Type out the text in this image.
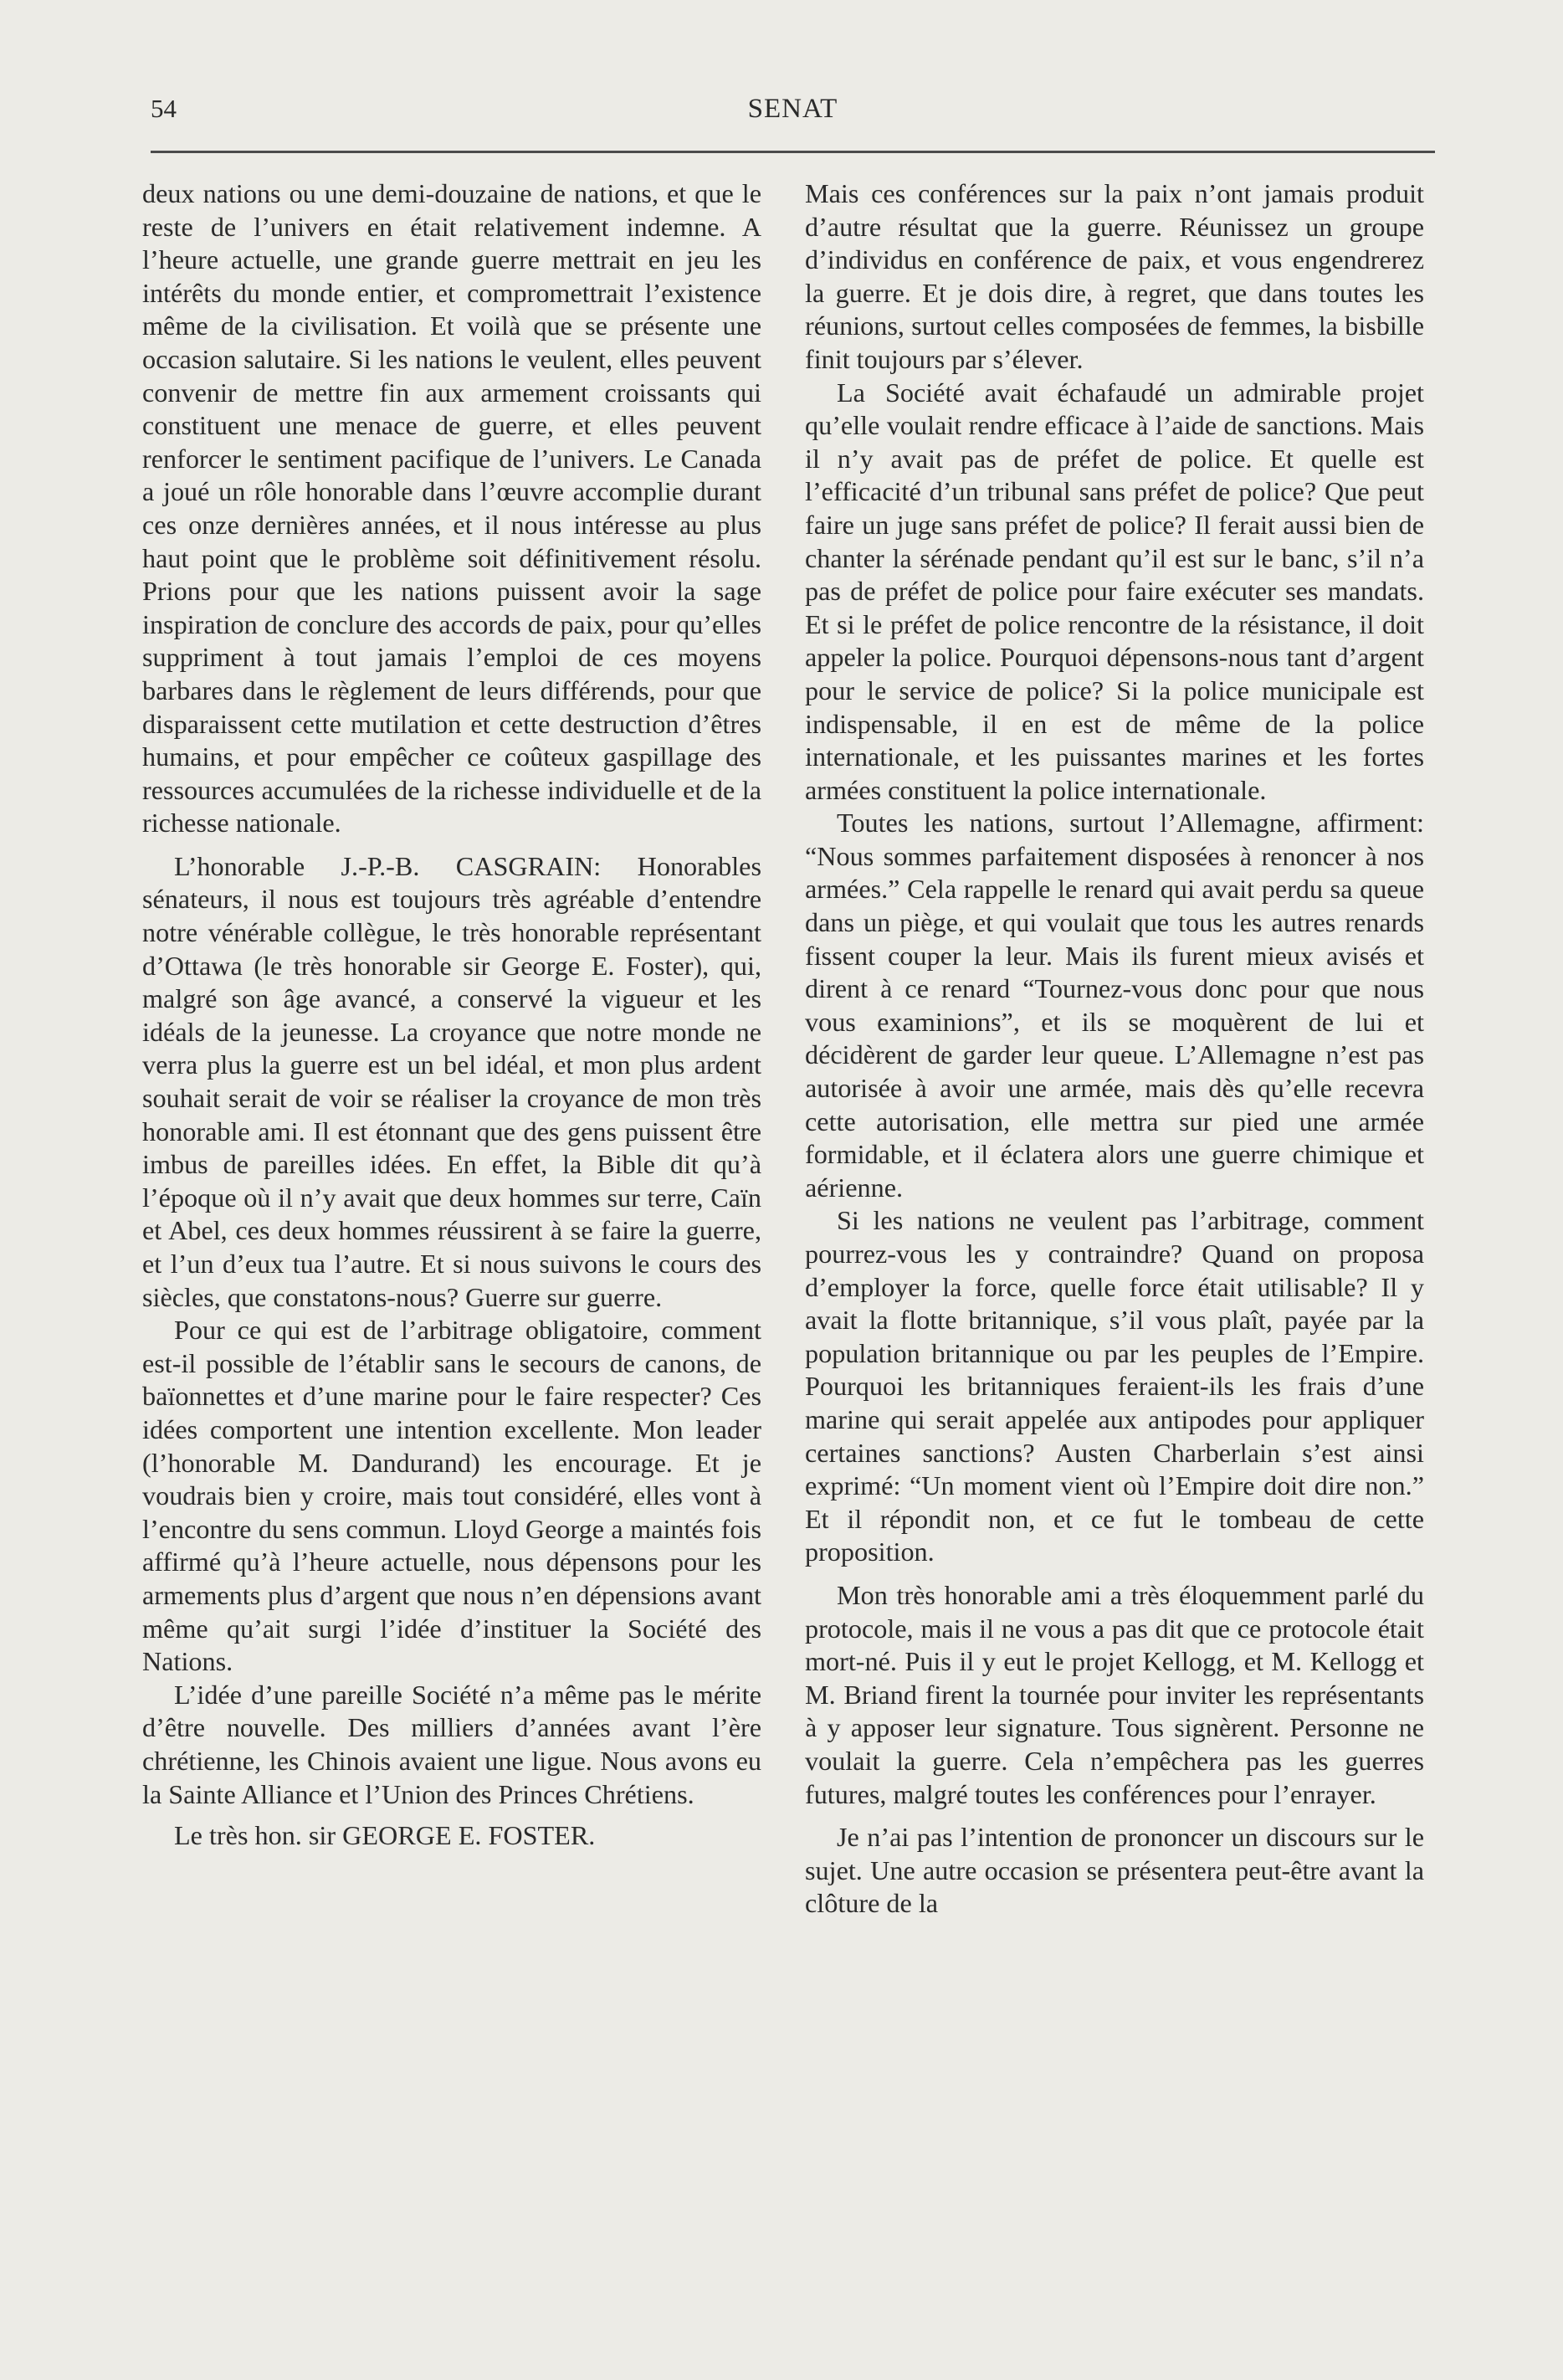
54	SENAT

deux nations ou une demi-douzaine de nations, et que le reste de l’univers en était relativement indemne. A l’heure actuelle, une grande guerre mettrait en jeu les intérêts du monde entier, et compromettrait l’existence même de la civilisation. Et voilà que se présente une occasion salutaire. Si les nations le veulent, elles peuvent convenir de mettre fin aux armement croissants qui constituent une menace de guerre, et elles peuvent renforcer le sentiment pacifique de l’univers. Le Canada a joué un rôle honorable dans l’œuvre accomplie durant ces onze dernières années, et il nous intéresse au plus haut point que le problème soit définitivement résolu. Prions pour que les nations puissent avoir la sage inspiration de conclure des accords de paix, pour qu’elles suppriment à tout jamais l’emploi de ces moyens barbares dans le règlement de leurs différends, pour que disparaissent cette mutilation et cette destruction d’êtres humains, et pour empêcher ce coûteux gaspillage des ressources accumulées de la richesse individuelle et de la richesse nationale.

L’honorable J.-P.-B. CASGRAIN: Honorables sénateurs, il nous est toujours très agréable d’entendre notre vénérable collègue, le très honorable représentant d’Ottawa (le très honorable sir George E. Foster), qui, malgré son âge avancé, a conservé la vigueur et les idéals de la jeunesse. La croyance que notre monde ne verra plus la guerre est un bel idéal, et mon plus ardent souhait serait de voir se réaliser la croyance de mon très honorable ami. Il est étonnant que des gens puissent être imbus de pareilles idées. En effet, la Bible dit qu’à l’époque où il n’y avait que deux hommes sur terre, Caïn et Abel, ces deux hommes réussirent à se faire la guerre, et l’un d’eux tua l’autre. Et si nous suivons le cours des siècles, que constatons-nous? Guerre sur guerre.

Pour ce qui est de l’arbitrage obligatoire, comment est-il possible de l’établir sans le secours de canons, de baïonnettes et d’une marine pour le faire respecter? Ces idées comportent une intention excellente. Mon leader (l’honorable M. Dandurand) les encourage. Et je voudrais bien y croire, mais tout considéré, elles vont à l’encontre du sens commun. Lloyd George a maintés fois affirmé qu’à l’heure actuelle, nous dépensons pour les armements plus d’argent que nous n’en dépensions avant même qu’ait surgi l’idée d’instituer la Société des Nations.

L’idée d’une pareille Société n’a même pas le mérite d’être nouvelle. Des milliers d’années avant l’ère chrétienne, les Chinois avaient une ligue. Nous avons eu la Sainte Alliance et l’Union des Princes Chrétiens.

Le très hon. sir GEORGE E. FOSTER.

Mais ces conférences sur la paix n’ont jamais produit d’autre résultat que la guerre. Réunissez un groupe d’individus en conférence de paix, et vous engendrerez la guerre. Et je dois dire, à regret, que dans toutes les réunions, surtout celles composées de femmes, la bisbille finit toujours par s’élever.

La Société avait échafaudé un admirable projet qu’elle voulait rendre efficace à l’aide de sanctions. Mais il n’y avait pas de préfet de police. Et quelle est l’efficacité d’un tribunal sans préfet de police? Que peut faire un juge sans préfet de police? Il ferait aussi bien de chanter la sérénade pendant qu’il est sur le banc, s’il n’a pas de préfet de police pour faire exécuter ses mandats. Et si le préfet de police rencontre de la résistance, il doit appeler la police. Pourquoi dépensons-nous tant d’argent pour le service de police? Si la police municipale est indispensable, il en est de même de la police internationale, et les puissantes marines et les fortes armées constituent la police internationale.

Toutes les nations, surtout l’Allemagne, affirment: “Nous sommes parfaitement disposées à renoncer à nos armées.” Cela rappelle le renard qui avait perdu sa queue dans un piège, et qui voulait que tous les autres renards fissent couper la leur. Mais ils furent mieux avisés et dirent à ce renard “Tournez-vous donc pour que nous vous examinions”, et ils se moquèrent de lui et décidèrent de garder leur queue. L’Allemagne n’est pas autorisée à avoir une armée, mais dès qu’elle recevra cette autorisation, elle mettra sur pied une armée formidable, et il éclatera alors une guerre chimique et aérienne.

Si les nations ne veulent pas l’arbitrage, comment pourrez-vous les y contraindre? Quand on proposa d’employer la force, quelle force était utilisable? Il y avait la flotte britannique, s’il vous plaît, payée par la population britannique ou par les peuples de l’Empire. Pourquoi les britanniques feraient-ils les frais d’une marine qui serait appelée aux antipodes pour appliquer certaines sanctions? Austen Charberlain s’est ainsi exprimé: “Un moment vient où l’Empire doit dire non.” Et il répondit non, et ce fut le tombeau de cette proposition.

Mon très honorable ami a très éloquemment parlé du protocole, mais il ne vous a pas dit que ce protocole était mort-né. Puis il y eut le projet Kellogg, et M. Kellogg et M. Briand firent la tournée pour inviter les représentants à y apposer leur signature. Tous signèrent. Personne ne voulait la guerre. Cela n’empêchera pas les guerres futures, malgré toutes les conférences pour l’enrayer.

Je n’ai pas l’intention de prononcer un discours sur le sujet. Une autre occasion se présentera peut-être avant la clôture de la
